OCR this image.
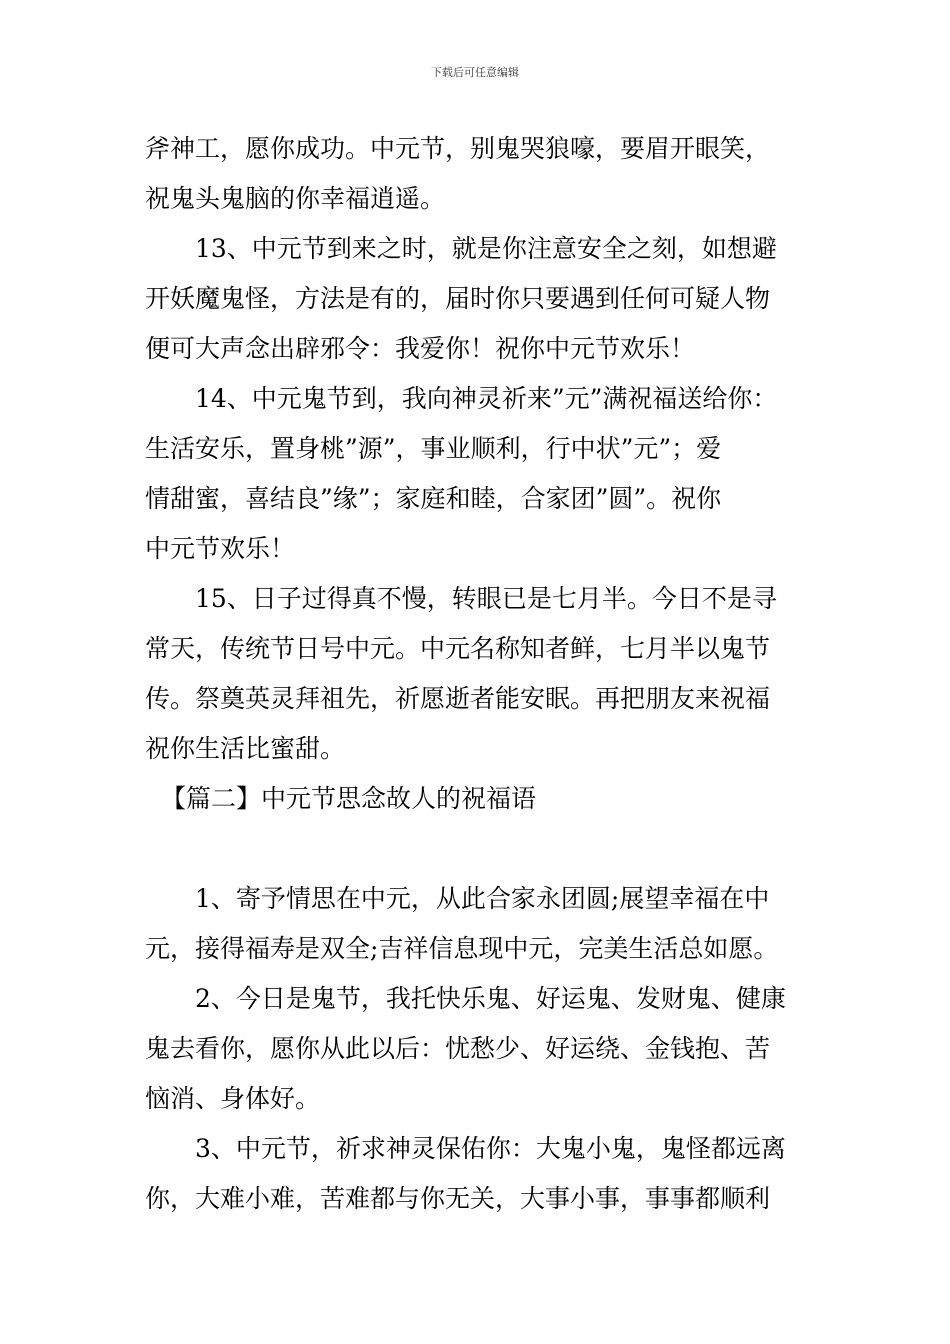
下载后可任意编辑
斧神工，愿你成功。中元节，别鬼哭狼嚎，要眉开眼笑，
祝鬼头鬼脑的你幸福逍遥。
13、中元节到来之时，就是你注意安全之刻，如想避
开妖魔鬼怪，方法是有的，届时你只要遇到任何可疑人物
便可大声念出辟邪令：我爱你！祝你中元节欢乐！
14、中元鬼节到，我向神灵祈来”元”满祝福送给你：
生活安乐，置身桃”源”，事业顺利，行中状”元”；爱
情甜蜜，喜结良”缘”；家庭和睦，合家团”圆”。祝你
中元节欢乐！
15、日子过得真不慢，转眼已是七月半。今日不是寻
常天，传统节日号中元。中元名称知者鲜，七月半以鬼节
传。祭奠英灵拜祖先，祈愿逝者能安眠。再把朋友来祝福
祝你生活比蜜甜。
【篇二】中元节思念故人的祝福语
1、寄予情思在中元，从此合家永团圆;展望幸福在中
元，接得福寿是双全;吉祥信息现中元，完美生活总如愿。
2、今日是鬼节，我托快乐鬼、好运鬼、发财鬼、健康
鬼去看你，愿你从此以后：忧愁少、好运绕、金钱抱、苦
恼消、身体好。
3、中元节，祈求神灵保佑你：大鬼小鬼，鬼怪都远离
你，大难小难，苦难都与你无关，大事小事，事事都顺利
